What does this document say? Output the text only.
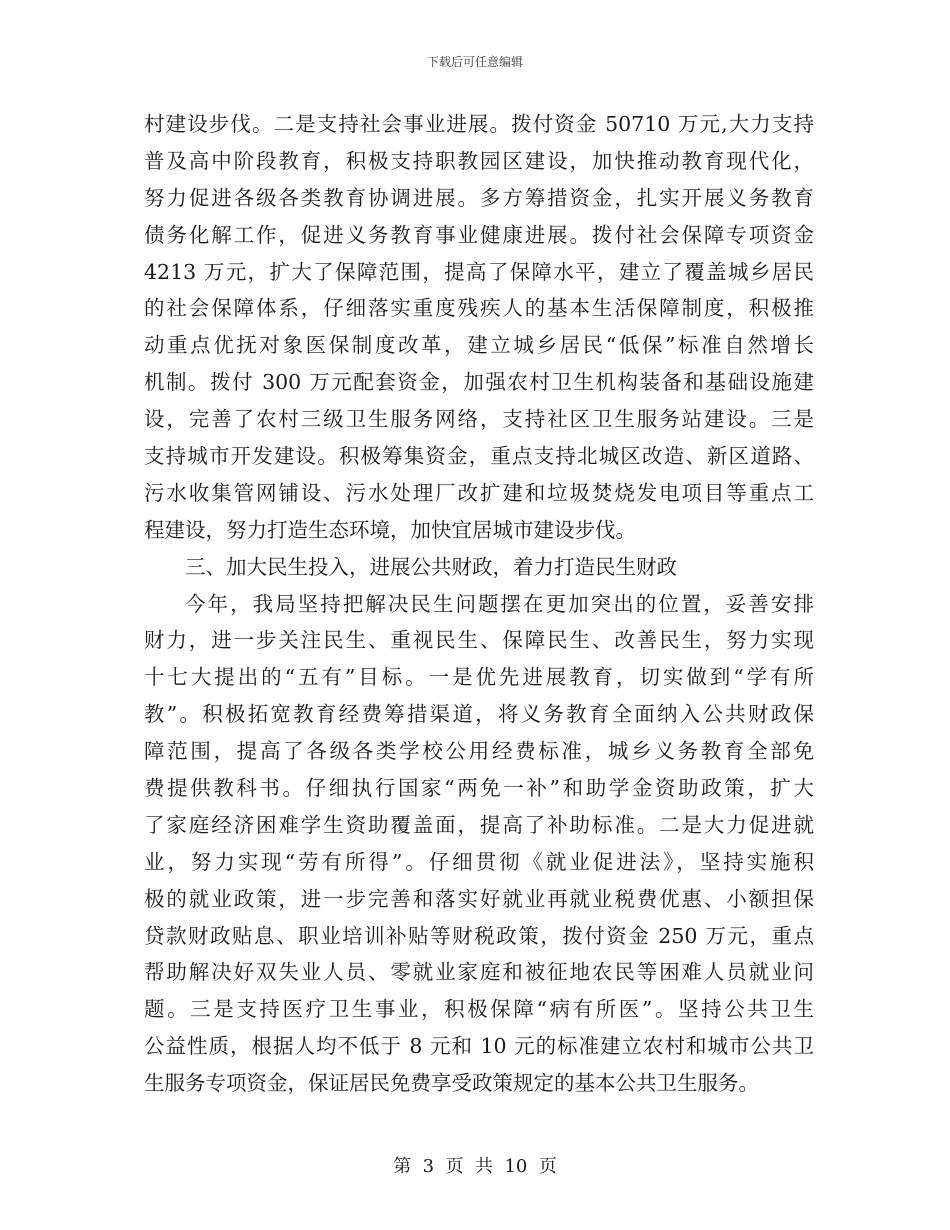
下载后可任意编辑
村建设步伐。二是支持社会事业进展。拨付资金 50710 万元,大力支持
普及高中阶段教育，积极支持职教园区建设，加快推动教育现代化，
努力促进各级各类教育协调进展。多方筹措资金，扎实开展义务教育
债务化解工作，促进义务教育事业健康进展。拨付社会保障专项资金
4213 万元，扩大了保障范围，提高了保障水平，建立了覆盖城乡居民
的社会保障体系，仔细落实重度残疾人的基本生活保障制度，积极推
动重点优抚对象医保制度改革，建立城乡居民“低保”标准自然增长
机制。拨付 300 万元配套资金，加强农村卫生机构装备和基础设施建
设，完善了农村三级卫生服务网络，支持社区卫生服务站建设。三是
支持城市开发建设。积极筹集资金，重点支持北城区改造、新区道路、
污水收集管网铺设、污水处理厂改扩建和垃圾焚烧发电项目等重点工
程建设，努力打造生态环境，加快宜居城市建设步伐。
三、加大民生投入，进展公共财政，着力打造民生财政
今年，我局坚持把解决民生问题摆在更加突出的位置，妥善安排
财力，进一步关注民生、重视民生、保障民生、改善民生，努力实现
十七大提出的“五有”目标。一是优先进展教育，切实做到“学有所
教”。积极拓宽教育经费筹措渠道，将义务教育全面纳入公共财政保
障范围，提高了各级各类学校公用经费标准，城乡义务教育全部免
费提供教科书。仔细执行国家“两免一补”和助学金资助政策，扩大
了家庭经济困难学生资助覆盖面，提高了补助标准。二是大力促进就
业，努力实现“劳有所得”。仔细贯彻《就业促进法》，坚持实施积
极的就业政策，进一步完善和落实好就业再就业税费优惠、小额担保
贷款财政贴息、职业培训补贴等财税政策，拨付资金 250 万元，重点
帮助解决好双失业人员、零就业家庭和被征地农民等困难人员就业问
题。三是支持医疗卫生事业，积极保障“病有所医”。坚持公共卫生
公益性质，根据人均不低于 8 元和 10 元的标准建立农村和城市公共卫
生服务专项资金，保证居民免费享受政策规定的基本公共卫生服务。
第 3 页 共 10 页
